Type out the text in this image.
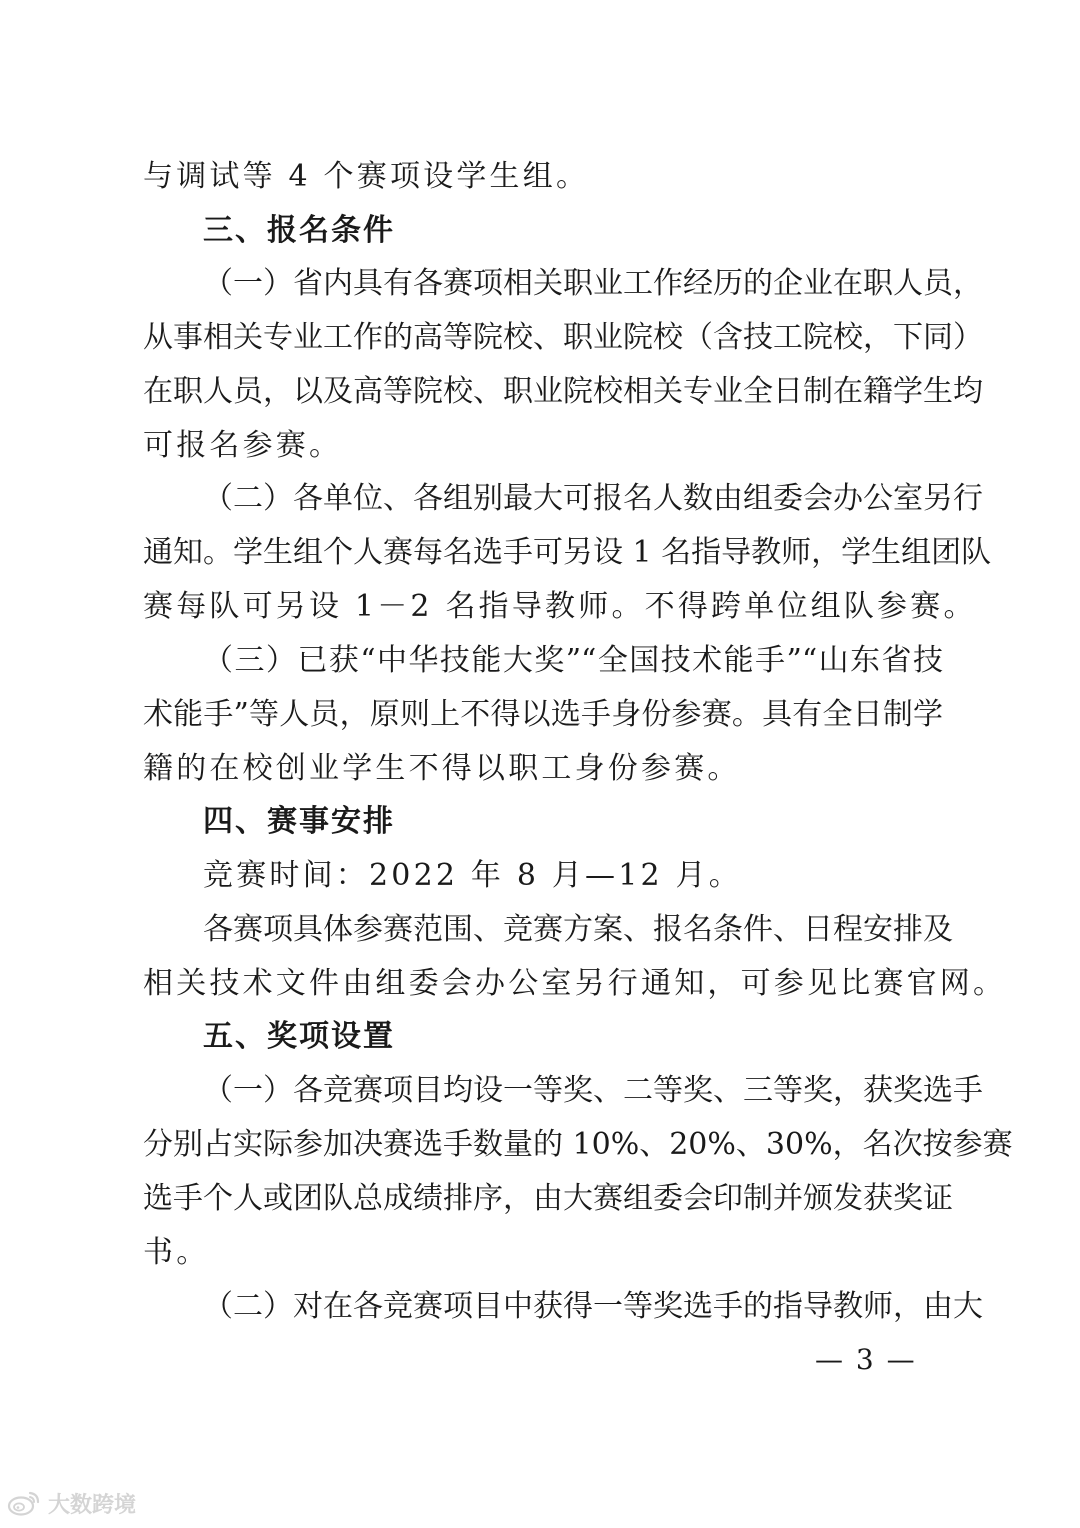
与调试等 4 个赛项设学生组。
三、报名条件
（一）省内具有各赛项相关职业工作经历的企业在职人员，
从事相关专业工作的高等院校、职业院校（含技工院校，下同）
在职人员，以及高等院校、职业院校相关专业全日制在籍学生均
可报名参赛。
（二）各单位、各组别最大可报名人数由组委会办公室另行
通知。学生组个人赛每名选手可另设 1 名指导教师，学生组团队
赛每队可另设 1－2 名指导教师。不得跨单位组队参赛。
（三）已获“中华技能大奖”“全国技术能手”“山东省技
术能手”等人员，原则上不得以选手身份参赛。具有全日制学
籍的在校创业学生不得以职工身份参赛。
四、赛事安排
竞赛时间：2022 年 8 月—12 月。
各赛项具体参赛范围、竞赛方案、报名条件、日程安排及
相关技术文件由组委会办公室另行通知，可参见比赛官网。
五、奖项设置
（一）各竞赛项目均设一等奖、二等奖、三等奖，获奖选手
分别占实际参加决赛选手数量的 10%、20%、30%，名次按参赛
选手个人或团队总成绩排序，由大赛组委会印制并颁发获奖证
书。
（二）对在各竞赛项目中获得一等奖选手的指导教师，由大
— 3 —
大数跨境
